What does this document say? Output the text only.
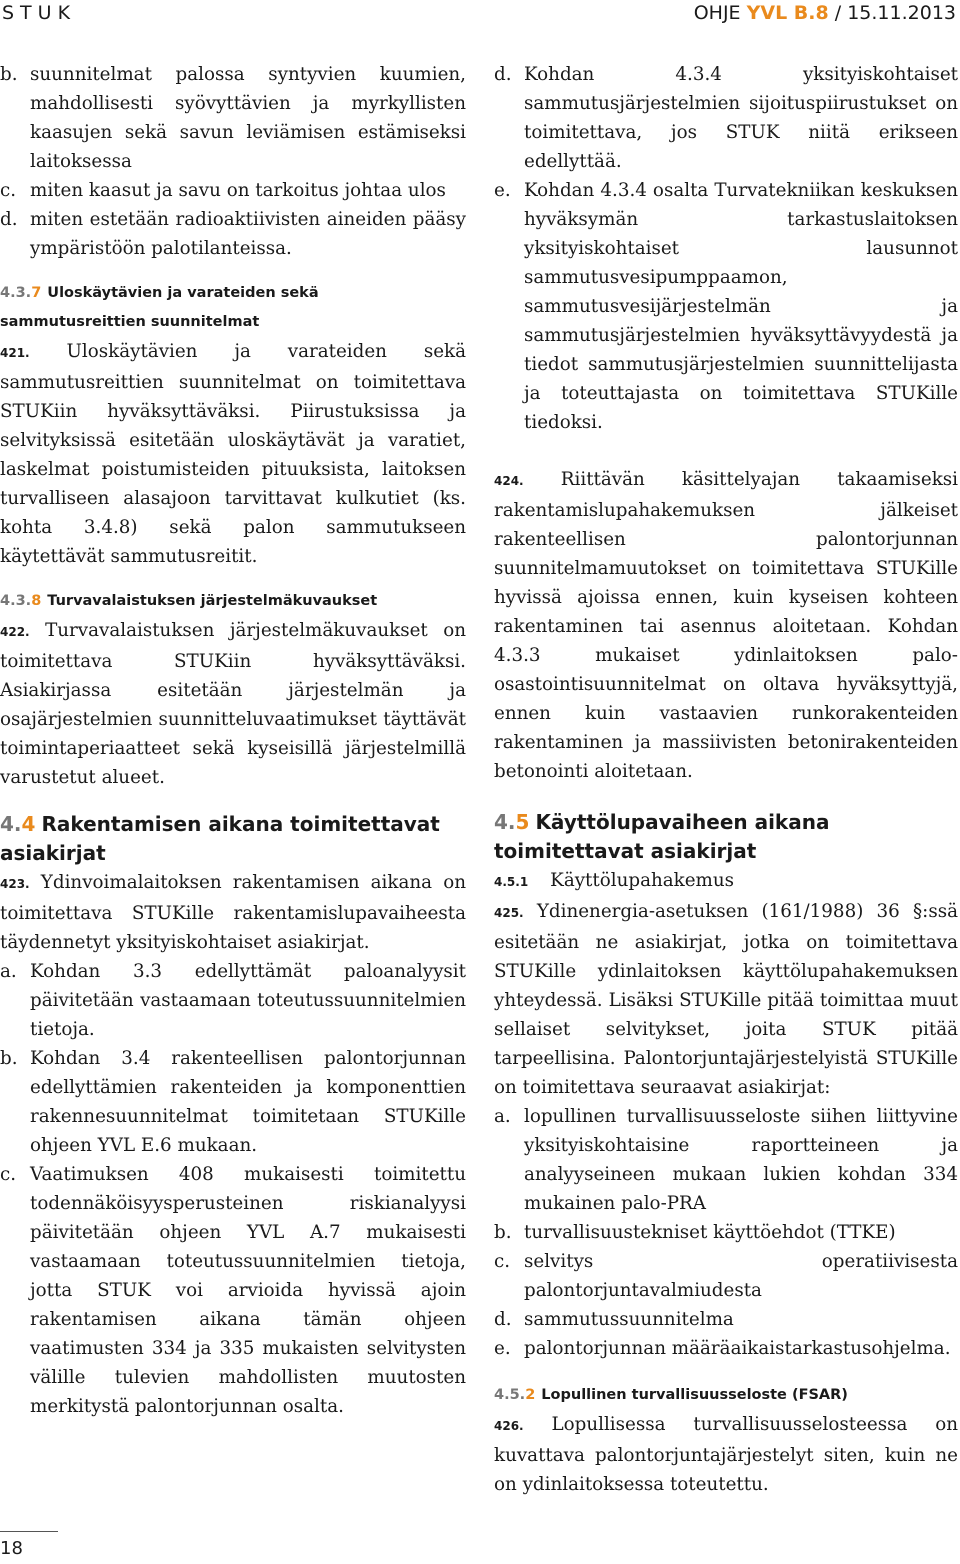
STUK	OHJE YVL B.8 / 15.11.2013
b. suunnitelmat palossa syntyvien kuumien, mahdollisesti syövyttävien ja myrkyllisten kaasujen sekä savun leviämisen estämiseksi laitoksessa
c. miten kaasut ja savu on tarkoitus johtaa ulos
d. miten estetään radioaktiivisten aineiden pääsy ympäristöön palotilanteissa.
4.3.7 Uloskäytävien ja varateiden sekä sammutusreittien suunnitelmat

421. Uloskäytävien ja varateiden sekä sammutusreittien suunnitelmat on toimitettava STUKiin hyväksyttäväksi. Piirustuksissa ja selvityksissä esitetään uloskäytävät ja varatiet, laskelmat poistumisteiden pituuksista, laitoksen turvalliseen alasajoon tarvittavat kulkutiet (ks. kohta 3.4.8) sekä palon sammutukseen käytettävät sammutusreitit.

4.3.8 Turvavalaistuksen järjestelmäkuvaukset

422. Turvavalaistuksen järjestelmäkuvaukset on toimitettava STUKiin hyväksyttäväksi. Asiakirjassa esitetään järjestelmän ja osajärjestelmien suunnitteluvaatimukset täyttävät toimintaperiaatteet sekä kyseisillä järjestelmillä varustetut alueet.

4.4 Rakentamisen aikana toimitettavat asiakirjat

423. Ydinvoimalaitoksen rakentamisen aikana on toimitettava STUKille rakentamislupavaiheesta täydennetyt yksityiskohtaiset asiakirjat.

a. Kohdan 3.3 edellyttämät paloanalyysit päivitetään vastaamaan toteutussuunnitelmien tietoja.
b. Kohdan 3.4 rakenteellisen palontorjunnan edellyttämien rakenteiden ja komponenttien rakennesuunnitelmat toimitetaan STUKille ohjeen YVL E.6 mukaan.
c. Vaatimuksen 408 mukaisesti toimitettu todennäköisyysperusteinen riskianalyysi päivitetään ohjeen YVL A.7 mukaisesti vastaamaan toteutussuunnitelmien tietoja, jotta STUK voi arvioida hyvissä ajoin rakentamisen aikana tämän ohjeen vaatimusten 334 ja 335 mukaisten selvitysten välille tulevien mahdollisten muutosten merkitystä palontorjunnan osalta.
d. Kohdan 4.3.4 yksityiskohtaiset sammutusjärjestelmien sijoituspiirustukset on toimitettava, jos STUK niitä erikseen edellyttää.
e. Kohdan 4.3.4 osalta Turvatekniikan keskuksen hyväksymän tarkastuslaitoksen yksityiskohtaiset lausunnot sammutusvesipumppaamon, sammutusvesijärjestelmän ja sammutusjärjestelmien hyväksyttävyydestä ja tiedot sammutusjärjestelmien suunnittelijasta ja toteuttajasta on toimitettava STUKille tiedoksi.

424. Riittävän käsittelyajan takaamiseksi rakentamislupahakemuksen jälkeiset rakenteellisen palontorjunnan suunnitelmamuutokset on toimitettava STUKille hyvissä ajoissa ennen, kuin kyseisen kohteen rakentaminen tai asennus aloitetaan. Kohdan 4.3.3 mukaiset ydinlaitoksen palo-osastointisuunnitelmat on oltava hyväksyttyjä, ennen kuin vastaavien runkorakenteiden rakentaminen ja massiivisten betonirakenteiden betonointi aloitetaan.

4.5 Käyttölupavaiheen aikana toimitettavat asiakirjat
4.5.1 Käyttölupahakemus

425. Ydinenergia-asetuksen (161/1988) 36 §:ssä esitetään ne asiakirjat, jotka on toimitettava STUKille ydinlaitoksen käyttölupahakemuksen yhteydessä. Lisäksi STUKille pitää toimittaa muut sellaiset selvitykset, joita STUK pitää tarpeellisina. Palontorjuntajärjestelyistä STUKille on toimitettava seuraavat asiakirjat:

a. lopullinen turvallisuusseloste siihen liittyvine yksityiskohtaisine raportteineen ja analyyseineen mukaan lukien kohdan 334 mukainen palo-PRA
b. turvallisuustekniset käyttöehdot (TTKE)
c. selvitys operatiivisesta palontorjuntavalmiudesta
d. sammutussuunnitelma
e. palontorjunnan määräaikaistarkastusohjelma.
4.5.2 Lopullinen turvallisuusseloste (FSAR)

426. Lopullisessa turvallisuusselosteessa on kuvattava palontorjuntajärjestelyt siten, kuin ne on ydinlaitoksessa toteutettu.

18
